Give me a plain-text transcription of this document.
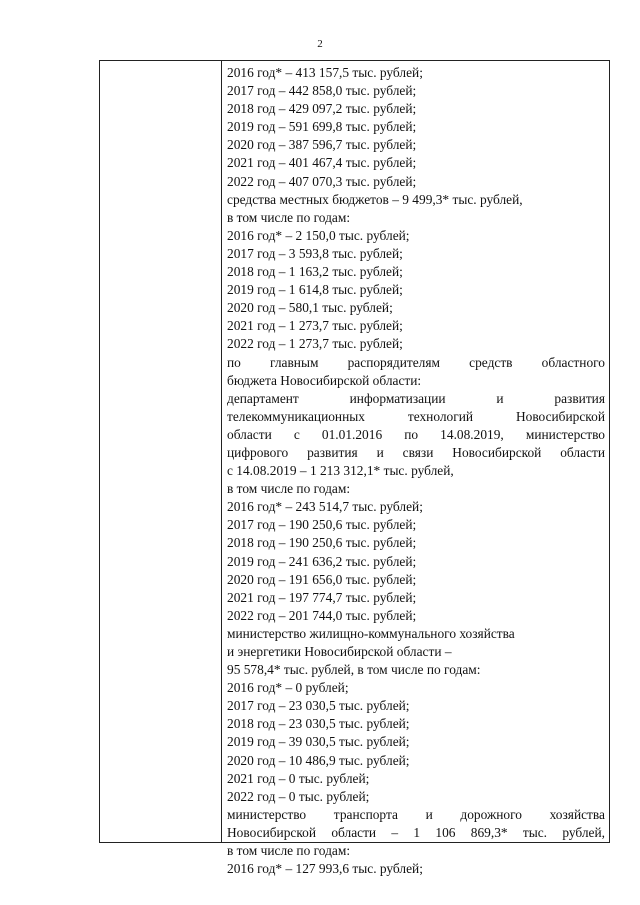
2
2016 год* – 413 157,5 тыс. рублей;
2017 год – 442 858,0 тыс. рублей;
2018 год – 429 097,2 тыс. рублей;
2019 год – 591 699,8 тыс. рублей;
2020 год – 387 596,7 тыс. рублей;
2021 год – 401 467,4 тыс. рублей;
2022 год – 407 070,3 тыс. рублей;
средства местных бюджетов – 9 499,3* тыс. рублей,
в том числе по годам:
2016 год* – 2 150,0 тыс. рублей;
2017 год – 3 593,8 тыс. рублей;
2018 год – 1 163,2 тыс. рублей;
2019 год – 1 614,8 тыс. рублей;
2020 год – 580,1 тыс. рублей;
2021 год – 1 273,7 тыс. рублей;
2022 год – 1 273,7 тыс. рублей;
по главным распорядителям средств областного
бюджета Новосибирской области:
департамент информатизации и развития
телекоммуникационных технологий Новосибирской
области с 01.01.2016 по 14.08.2019, министерство
цифрового развития и связи Новосибирской области
с 14.08.2019 – 1 213 312,1* тыс. рублей,
в том числе по годам:
2016 год* – 243 514,7 тыс. рублей;
2017 год – 190 250,6 тыс. рублей;
2018 год – 190 250,6 тыс. рублей;
2019 год – 241 636,2 тыс. рублей;
2020 год – 191 656,0 тыс. рублей;
2021 год – 197 774,7 тыс. рублей;
2022 год – 201 744,0 тыс. рублей;
министерство жилищно-коммунального хозяйства
и энергетики Новосибирской области –
95 578,4* тыс. рублей, в том числе по годам:
2016 год* – 0 рублей;
2017 год – 23 030,5 тыс. рублей;
2018 год – 23 030,5 тыс. рублей;
2019 год – 39 030,5 тыс. рублей;
2020 год – 10 486,9 тыс. рублей;
2021 год – 0 тыс. рублей;
2022 год – 0 тыс. рублей;
министерство транспорта и дорожного хозяйства
Новосибирской области – 1 106 869,3* тыс. рублей,
в том числе по годам:
2016 год* – 127 993,6 тыс. рублей;
